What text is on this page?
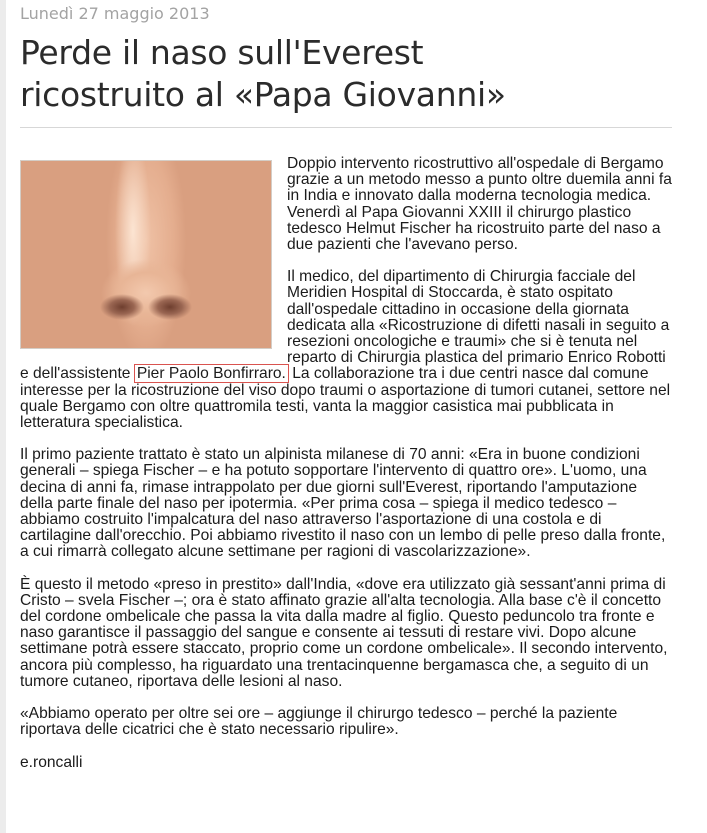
Lunedì 27 maggio 2013
Perde il naso sull'Everest
ricostruito al «Papa Giovanni»

Doppio intervento ricostruttivo all'ospedale di Bergamo grazie a un metodo messo a punto oltre duemila anni fa in India e innovato dalla moderna tecnologia medica. Venerdì al Papa Giovanni XXIII il chirurgo plastico tedesco Helmut Fischer ha ricostruito parte del naso a due pazienti che l'avevano perso.

Il medico, del dipartimento di Chirurgia facciale del Meridien Hospital di Stoccarda, è stato ospitato dall'ospedale cittadino in occasione della giornata dedicata alla «Ricostruzione di difetti nasali in seguito a resezioni oncologiche e traumi» che si è tenuta nel reparto di Chirurgia plastica del primario Enrico Robotti e dell'assistente Pier Paolo Bonfirraro. La collaborazione tra i due centri nasce dal comune interesse per la ricostruzione del viso dopo traumi o asportazione di tumori cutanei, settore nel quale Bergamo con oltre quattromila testi, vanta la maggior casistica mai pubblicata in letteratura specialistica.

Il primo paziente trattato è stato un alpinista milanese di 70 anni: «Era in buone condizioni generali – spiega Fischer – e ha potuto sopportare l'intervento di quattro ore». L'uomo, una decina di anni fa, rimase intrappolato per due giorni sull'Everest, riportando l'amputazione della parte finale del naso per ipotermia. «Per prima cosa – spiega il medico tedesco – abbiamo costruito l'impalcatura del naso attraverso l'asportazione di una costola e di cartilagine dall'orecchio. Poi abbiamo rivestito il naso con un lembo di pelle preso dalla fronte, a cui rimarrà collegato alcune settimane per ragioni di vascolarizzazione».

È questo il metodo «preso in prestito» dall'India, «dove era utilizzato già sessant'anni prima di Cristo – svela Fischer –; ora è stato affinato grazie all'alta tecnologia. Alla base c'è il concetto del cordone ombelicale che passa la vita dalla madre al figlio. Questo peduncolo tra fronte e naso garantisce il passaggio del sangue e consente ai tessuti di restare vivi. Dopo alcune settimane potrà essere staccato, proprio come un cordone ombelicale». Il secondo intervento, ancora più complesso, ha riguardato una trentacinquenne bergamasca che, a seguito di un tumore cutaneo, riportava delle lesioni al naso.

«Abbiamo operato per oltre sei ore – aggiunge il chirurgo tedesco – perché la paziente riportava delle cicatrici che è stato necessario ripulire».

e.roncalli
